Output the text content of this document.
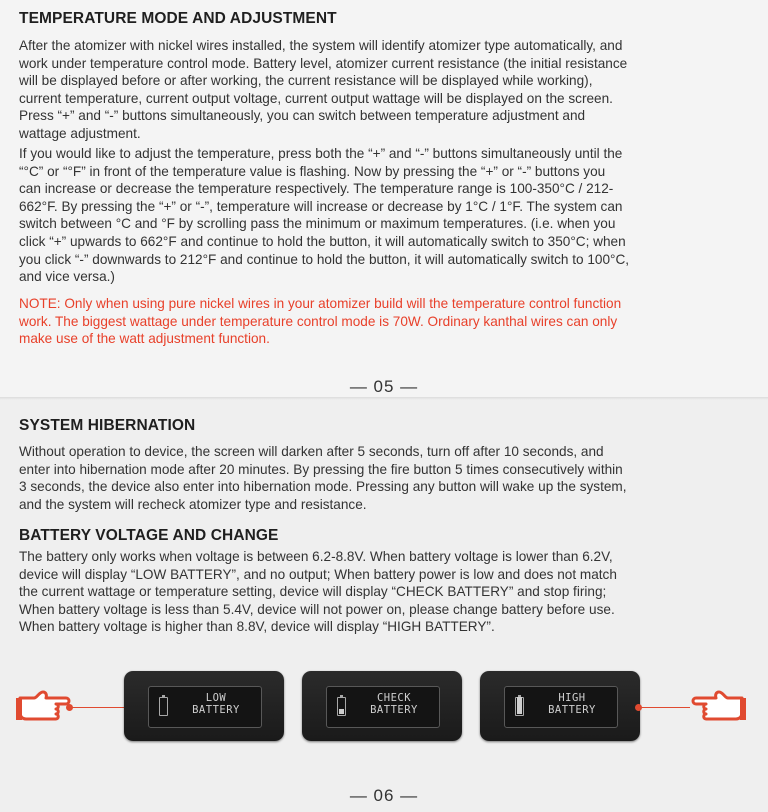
TEMPERATURE MODE AND ADJUSTMENT

After the atomizer with nickel wires installed, the system will identify atomizer type automatically, and
work under temperature control mode. Battery level, atomizer current resistance (the initial resistance
will be displayed before or after working, the current resistance will be displayed while working),
current temperature, current output voltage, current output wattage will be displayed on the screen.
Press “+” and “-” buttons simultaneously, you can switch between temperature adjustment and
wattage adjustment.

If you would like to adjust the temperature, press both the “+” and “-” buttons simultaneously until the
“°C” or “°F” in front of the temperature value is flashing. Now by pressing the “+” or “-” buttons you
can increase or decrease the temperature respectively. The temperature range is 100-350°C / 212-
662°F. By pressing the “+” or “-”, temperature will increase or decrease by 1°C / 1°F. The system can
switch between °C and °F by scrolling pass the minimum or maximum temperatures. (i.e. when you
click “+” upwards to 662°F and continue to hold the button, it will automatically switch to 350°C; when
you click “-” downwards to 212°F and continue to hold the button, it will automatically switch to 100°C,
and vice versa.)

NOTE: Only when using pure nickel wires in your atomizer build will the temperature control function
work. The biggest wattage under temperature control mode is 70W. Ordinary kanthal wires can only
make use of the watt adjustment function.

— 05 —
SYSTEM HIBERNATION

Without operation to device, the screen will darken after 5 seconds, turn off after 10 seconds, and
enter into hibernation mode after 20 minutes. By pressing the fire button 5 times consecutively within
3 seconds, the device also enter into hibernation mode. Pressing any button will wake up the system,
and the system will recheck atomizer type and resistance.

BATTERY VOLTAGE AND CHANGE

The battery only works when voltage is between 6.2-8.8V. When battery voltage is lower than 6.2V,
device will display “LOW BATTERY”, and no output; When battery power is low and does not match
the current wattage or temperature setting, device will display “CHECK BATTERY” and stop firing;
When battery voltage is less than 5.4V, device will not power on, please change battery before use.
When battery voltage is higher than 8.8V, device will display “HIGH BATTERY”.

LOW
BATTERY
CHECK
BATTERY
HIGH
BATTERY
— 06 —
